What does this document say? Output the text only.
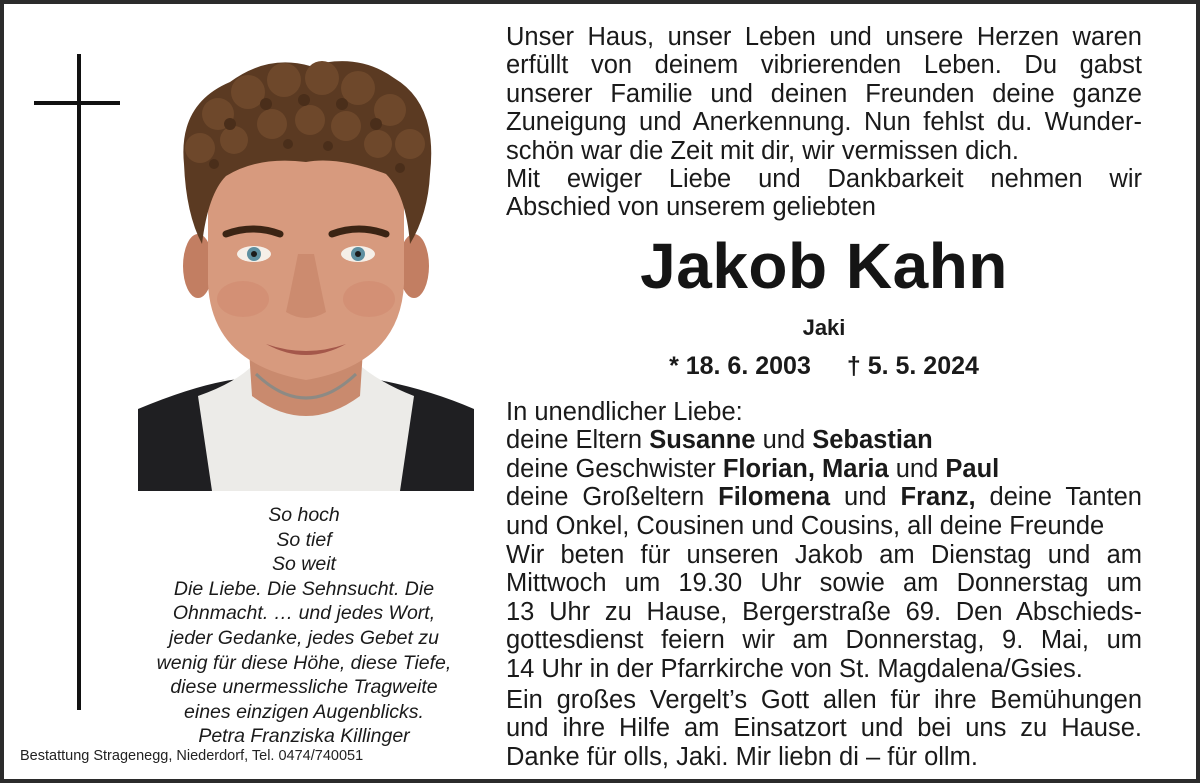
So hoch
So tief
So weit
Die Liebe. Die Sehnsucht. Die
Ohnmacht. … und jedes Wort,
jeder Gedanke, jedes Gebet zu
wenig für diese Höhe, diese Tiefe,
diese unermessliche Tragweite
eines einzigen Augenblicks.
Petra Franziska Killinger
Bestattung Stragenegg, Niederdorf, Tel. 0474/740051
Unser Haus, unser Leben und unsere Herzen waren
erfüllt von deinem vibrierenden Leben. Du gabst
unserer Familie und deinen Freunden deine ganze
Zuneigung und Anerkennung. Nun fehlst du. Wunder-
schön war die Zeit mit dir, wir vermissen dich.
Mit ewiger Liebe und Dankbarkeit nehmen wir
Abschied von unserem geliebten
Jakob Kahn
Jaki
* 18. 6. 2003 † 5. 5. 2024
In unendlicher Liebe:
deine Eltern Susanne und Sebastian
deine Geschwister Florian, Maria und Paul
deine Großeltern Filomena und Franz, deine Tanten
und Onkel, Cousinen und Cousins, all deine Freunde
Wir beten für unseren Jakob am Dienstag und am
Mittwoch um 19.30 Uhr sowie am Donnerstag um
13 Uhr zu Hause, Bergerstraße 69. Den Abschieds-
gottesdienst feiern wir am Donnerstag, 9. Mai, um
14 Uhr in der Pfarrkirche von St. Magdalena/Gsies.
Ein großes Vergelt’s Gott allen für ihre Bemühungen
und ihre Hilfe am Einsatzort und bei uns zu Hause.
Danke für olls, Jaki. Mir liebn di – für ollm.
